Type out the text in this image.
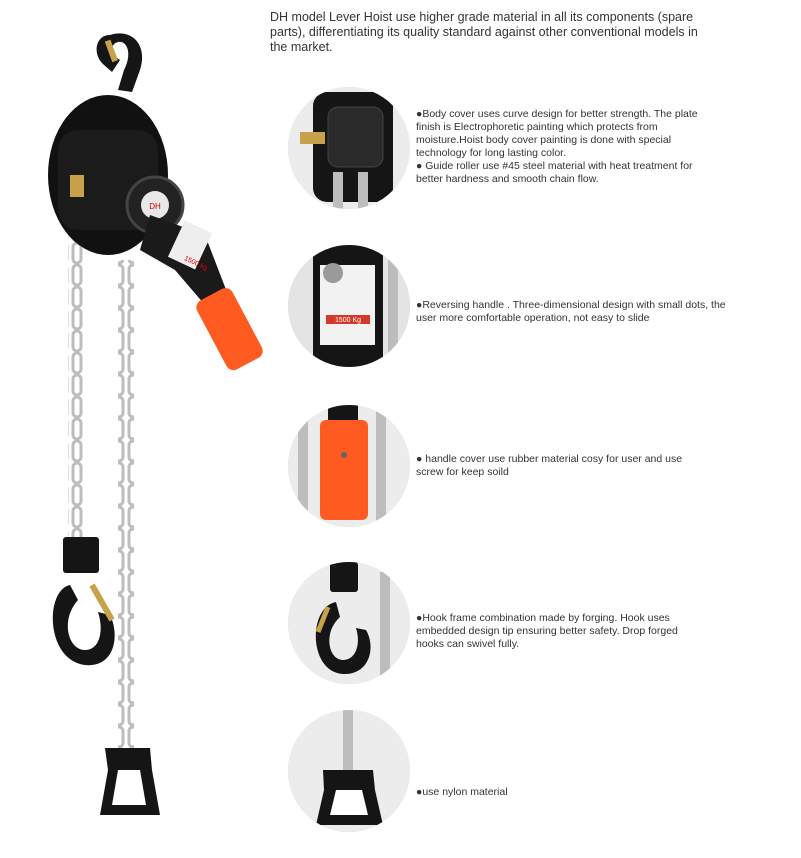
DH model Lever Hoist use higher grade material in all its components (spare parts), differentiating its quality standard against other conventional models in the market.
DH
1500 kg

●Body cover uses curve design for better strength. The plate finish is Electrophoretic painting which protects from moisture.Hoist body cover painting is done with special technology for long lasting color.

● Guide roller use #45 steel material with heat treatment for better hardness and smooth chain flow.

1500 Kg

●Reversing handle . Three-dimensional design with small dots, the user more comfortable operation, not easy to slide

● handle cover use rubber material cosy for user and use screw for keep soild

●Hook frame combination made by forging. Hook uses embedded design tip ensuring better safety. Drop forged hooks can swivel fully.

●use nylon material
